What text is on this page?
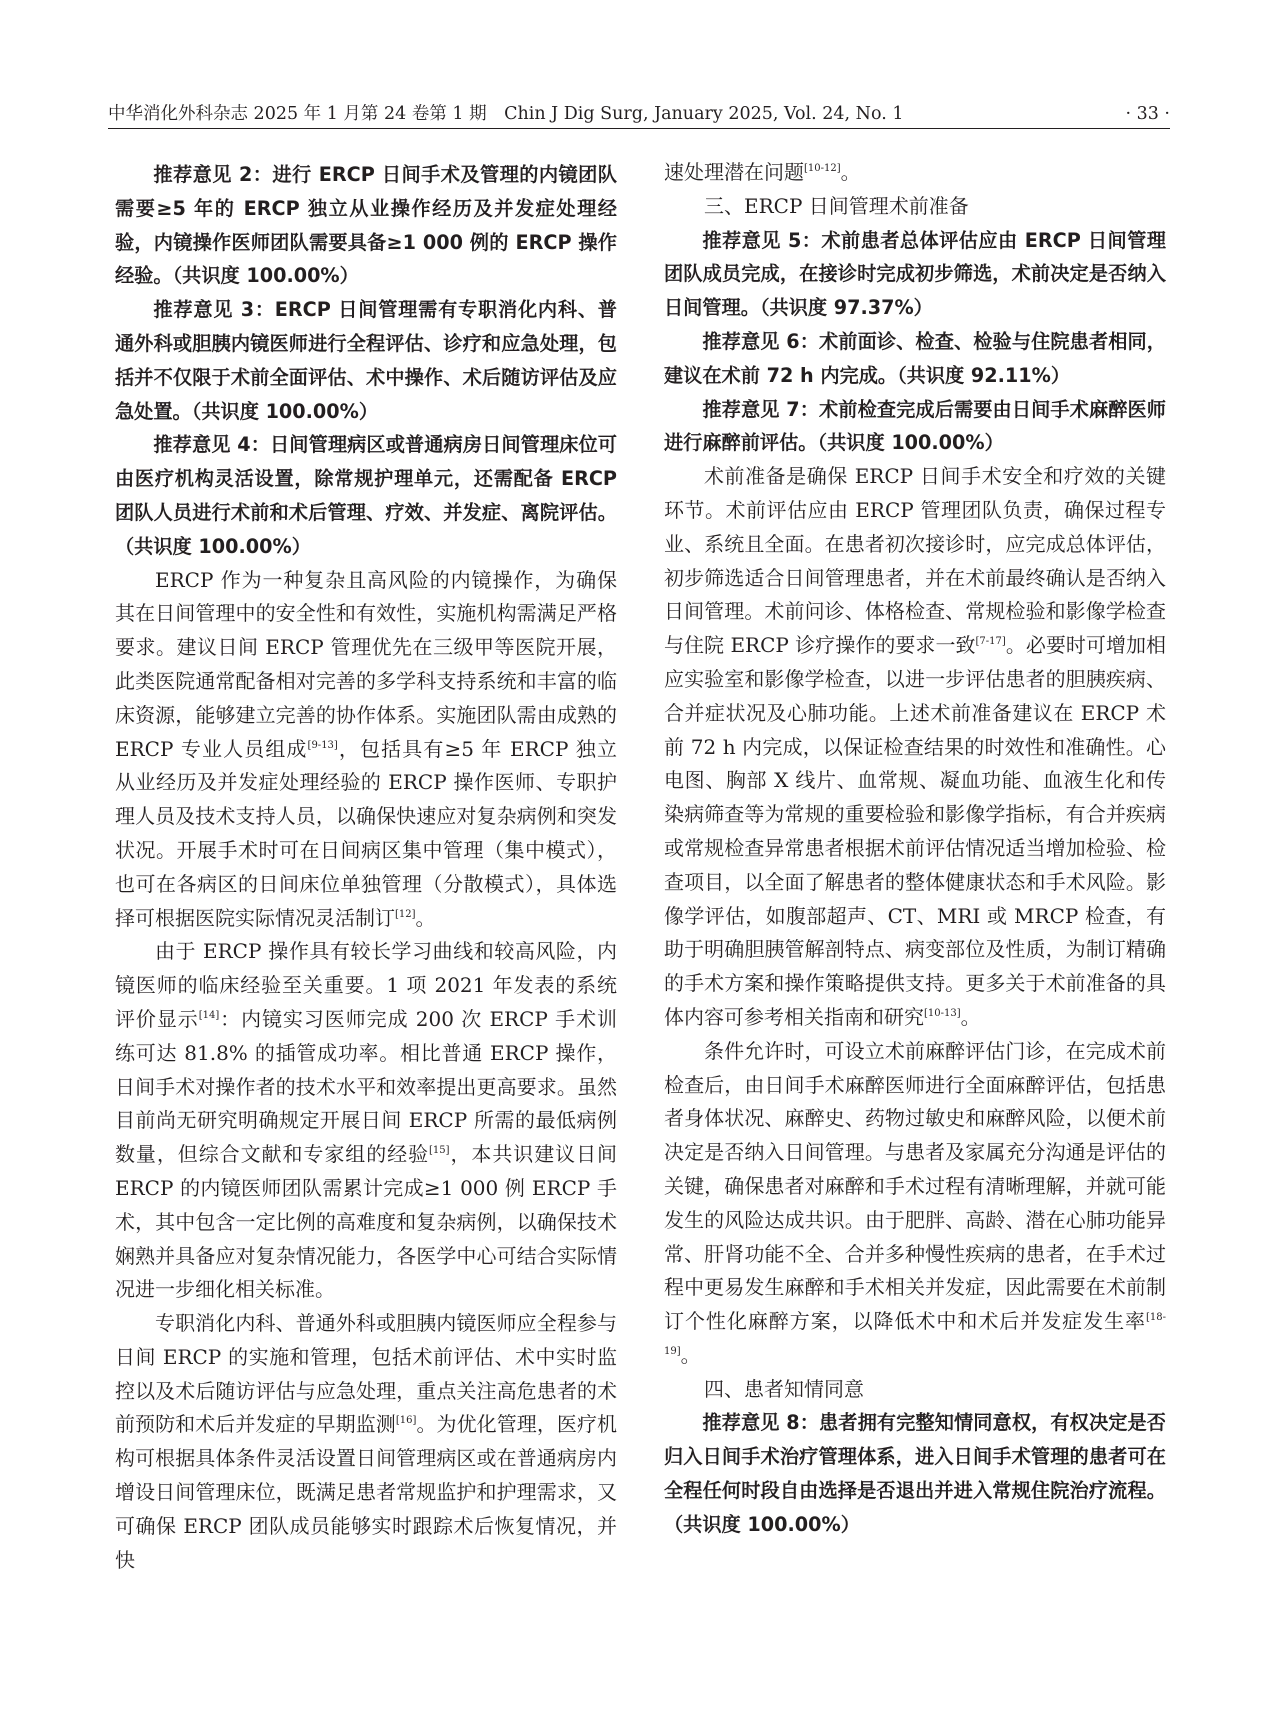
中华消化外科杂志 2025 年 1 月第 24 卷第 1 期　Chin J Dig Surg, January 2025, Vol. 24, No. 1	· 33 ·

推荐意见 2：进行 ERCP 日间手术及管理的内镜团队需要≥5 年的 ERCP 独立从业操作经历及并发症处理经验，内镜操作医师团队需要具备≥1 000 例的 ERCP 操作经验。（共识度 100.00%）

推荐意见 3：ERCP 日间管理需有专职消化内科、普通外科或胆胰内镜医师进行全程评估、诊疗和应急处理，包括并不仅限于术前全面评估、术中操作、术后随访评估及应急处置。（共识度 100.00%）

推荐意见 4：日间管理病区或普通病房日间管理床位可由医疗机构灵活设置，除常规护理单元，还需配备 ERCP 团队人员进行术前和术后管理、疗效、并发症、离院评估。（共识度 100.00%）

ERCP 作为一种复杂且高风险的内镜操作，为确保其在日间管理中的安全性和有效性，实施机构需满足严格要求。建议日间 ERCP 管理优先在三级甲等医院开展，此类医院通常配备相对完善的多学科支持系统和丰富的临床资源，能够建立完善的协作体系。实施团队需由成熟的 ERCP 专业人员组成[9-13]，包括具有≥5 年 ERCP 独立从业经历及并发症处理经验的 ERCP 操作医师、专职护理人员及技术支持人员，以确保快速应对复杂病例和突发状况。开展手术时可在日间病区集中管理（集中模式），也可在各病区的日间床位单独管理（分散模式），具体选择可根据医院实际情况灵活制订[12]。

由于 ERCP 操作具有较长学习曲线和较高风险，内镜医师的临床经验至关重要。1 项 2021 年发表的系统评价显示[14]：内镜实习医师完成 200 次 ERCP 手术训练可达 81.8% 的插管成功率。相比普通 ERCP 操作，日间手术对操作者的技术水平和效率提出更高要求。虽然目前尚无研究明确规定开展日间 ERCP 所需的最低病例数量，但综合文献和专家组的经验[15]，本共识建议日间 ERCP 的内镜医师团队需累计完成≥1 000 例 ERCP 手术，其中包含一定比例的高难度和复杂病例，以确保技术娴熟并具备应对复杂情况能力，各医学中心可结合实际情况进一步细化相关标准。

专职消化内科、普通外科或胆胰内镜医师应全程参与日间 ERCP 的实施和管理，包括术前评估、术中实时监控以及术后随访评估与应急处理，重点关注高危患者的术前预防和术后并发症的早期监测[16]。为优化管理，医疗机构可根据具体条件灵活设置日间管理病区或在普通病房内增设日间管理床位，既满足患者常规监护和护理需求，又可确保 ERCP 团队成员能够实时跟踪术后恢复情况，并快

速处理潜在问题[10-12]。

三、ERCP 日间管理术前准备

推荐意见 5：术前患者总体评估应由 ERCP 日间管理团队成员完成，在接诊时完成初步筛选，术前决定是否纳入日间管理。（共识度 97.37%）

推荐意见 6：术前面诊、检查、检验与住院患者相同，建议在术前 72 h 内完成。（共识度 92.11%）

推荐意见 7：术前检查完成后需要由日间手术麻醉医师进行麻醉前评估。（共识度 100.00%）

术前准备是确保 ERCP 日间手术安全和疗效的关键环节。术前评估应由 ERCP 管理团队负责，确保过程专业、系统且全面。在患者初次接诊时，应完成总体评估，初步筛选适合日间管理患者，并在术前最终确认是否纳入日间管理。术前问诊、体格检查、常规检验和影像学检查与住院 ERCP 诊疗操作的要求一致[7-17]。必要时可增加相应实验室和影像学检查，以进一步评估患者的胆胰疾病、合并症状况及心肺功能。上述术前准备建议在 ERCP 术前 72 h 内完成，以保证检查结果的时效性和准确性。心电图、胸部 X 线片、血常规、凝血功能、血液生化和传染病筛查等为常规的重要检验和影像学指标，有合并疾病或常规检查异常患者根据术前评估情况适当增加检验、检查项目，以全面了解患者的整体健康状态和手术风险。影像学评估，如腹部超声、CT、MRI 或 MRCP 检查，有助于明确胆胰管解剖特点、病变部位及性质，为制订精确的手术方案和操作策略提供支持。更多关于术前准备的具体内容可参考相关指南和研究[10-13]。

条件允许时，可设立术前麻醉评估门诊，在完成术前检查后，由日间手术麻醉医师进行全面麻醉评估，包括患者身体状况、麻醉史、药物过敏史和麻醉风险，以便术前决定是否纳入日间管理。与患者及家属充分沟通是评估的关键，确保患者对麻醉和手术过程有清晰理解，并就可能发生的风险达成共识。由于肥胖、高龄、潜在心肺功能异常、肝肾功能不全、合并多种慢性疾病的患者，在手术过程中更易发生麻醉和手术相关并发症，因此需要在术前制订个性化麻醉方案，以降低术中和术后并发症发生率[18-19]。

四、患者知情同意

推荐意见 8：患者拥有完整知情同意权，有权决定是否归入日间手术治疗管理体系，进入日间手术管理的患者可在全程任何时段自由选择是否退出并进入常规住院治疗流程。（共识度 100.00%）
